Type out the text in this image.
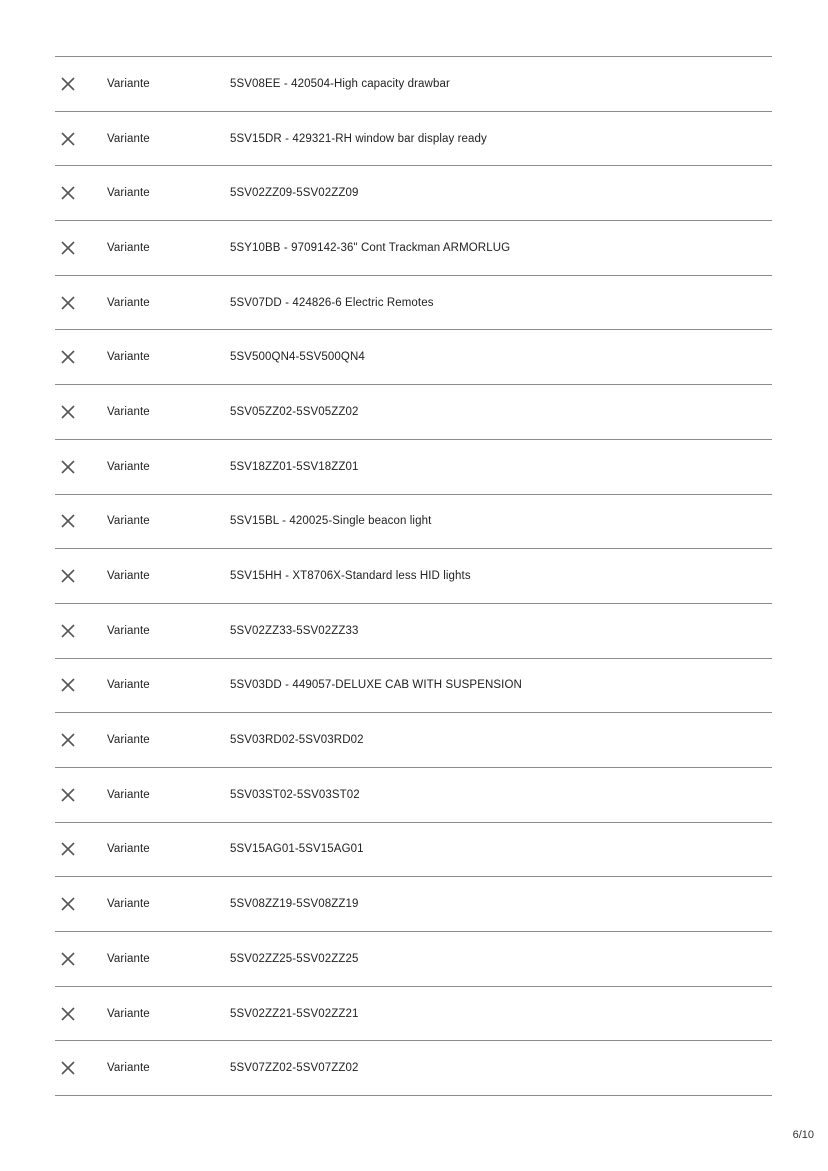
Variante	5SV08EE - 420504-High capacity drawbar
Variante	5SV15DR - 429321-RH window bar display ready
Variante	5SV02ZZ09-5SV02ZZ09
Variante	5SY10BB - 9709142-36" Cont Trackman ARMORLUG
Variante	5SV07DD - 424826-6 Electric Remotes
Variante	5SV500QN4-5SV500QN4
Variante	5SV05ZZ02-5SV05ZZ02
Variante	5SV18ZZ01-5SV18ZZ01
Variante	5SV15BL - 420025-Single beacon light
Variante	5SV15HH - XT8706X-Standard less HID lights
Variante	5SV02ZZ33-5SV02ZZ33
Variante	5SV03DD - 449057-DELUXE CAB WITH SUSPENSION
Variante	5SV03RD02-5SV03RD02
Variante	5SV03ST02-5SV03ST02
Variante	5SV15AG01-5SV15AG01
Variante	5SV08ZZ19-5SV08ZZ19
Variante	5SV02ZZ25-5SV02ZZ25
Variante	5SV02ZZ21-5SV02ZZ21
Variante	5SV07ZZ02-5SV07ZZ02
6/10
